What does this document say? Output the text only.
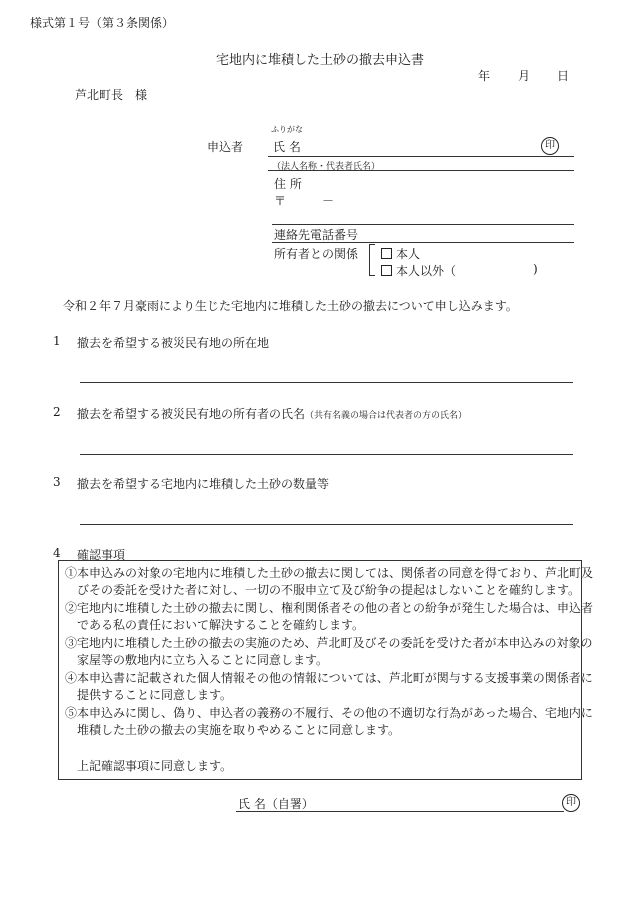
様式第１号（第３条関係）
宅地内に堆積した土砂の撤去申込書
年 月 日
芦北町長　様
申込者
ふりがな
氏 名	印
（法人名称・代表者氏名）
住 所
〒	－
連絡先電話番号
所有者との関係	本人
本人以外（	)
令和２年７月豪雨により生じた宅地内に堆積した土砂の撤去について申し込みます。
1 撤去を希望する被災民有地の所在地
2 撤去を希望する被災民有地の所有者の氏名（共有名義の場合は代表者の方の氏名）
3 撤去を希望する宅地内に堆積した土砂の数量等
4 確認事項

①本申込みの対象の宅地内に堆積した土砂の撤去に関しては、関係者の同意を得ており、芦北町及

　びその委託を受けた者に対し、一切の不服申立て及び紛争の提起はしないことを確約します。

②宅地内に堆積した土砂の撤去に関し、権利関係者その他の者との紛争が発生した場合は、申込者

　である私の責任において解決することを確約します。

③宅地内に堆積した土砂の撤去の実施のため、芦北町及びその委託を受けた者が本申込みの対象の

　家屋等の敷地内に立ち入ることに同意します。

④本申込書に記載された個人情報その他の情報については、芦北町が関与する支援事業の関係者に

　提供することに同意します。

⑤本申込みに関し、偽り、申込者の義務の不履行、その他の不適切な行為があった場合、宅地内に

　堆積した土砂の撤去の実施を取りやめることに同意します。

上記確認事項に同意します。

氏 名（自署）	印
